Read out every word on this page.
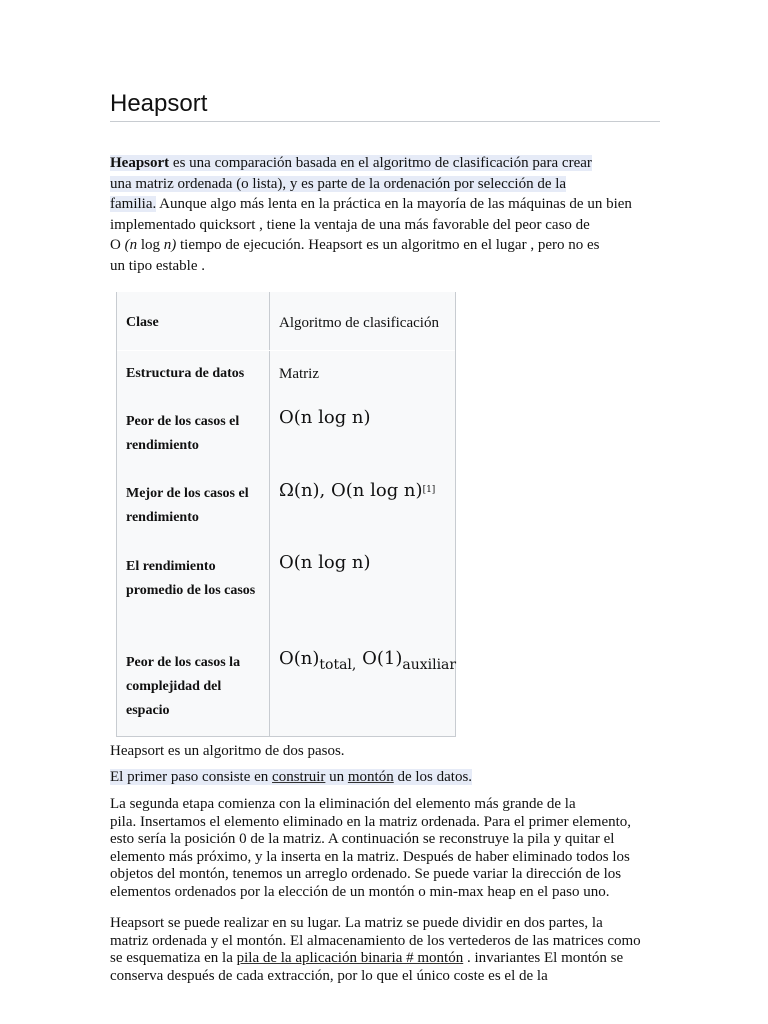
Heapsort

Heapsort es una comparación basada en el algoritmo de clasificación para crear
una matriz ordenada (o lista), y es parte de la ordenación por selección de la
familia. Aunque algo más lenta en la práctica en la mayoría de las máquinas de un bien
implementado quicksort , tiene la ventaja de una más favorable del peor caso de
O (n log n) tiempo de ejecución. Heapsort es un algoritmo en el lugar , pero no es
un tipo estable .

Clase	Algoritmo de clasificación
Estructura de datos	Matriz
Peor de los casos el rendimiento
O(n log n)
Mejor de los casos el rendimiento
Ω(n), O(n log n)[1]
El rendimiento promedio de los casos
O(n log n)
Peor de los casos la complejidad del espacio
$O(n)_{total,}$ $O(1)_{auxiliar}$

Heapsort es un algoritmo de dos pasos.

El primer paso consiste en construir un montón de los datos.

La segunda etapa comienza con la eliminación del elemento más grande de la
pila. Insertamos el elemento eliminado en la matriz ordenada. Para el primer elemento,
esto sería la posición 0 de la matriz. A continuación se reconstruye la pila y quitar el
elemento más próximo, y la inserta en la matriz. Después de haber eliminado todos los
objetos del montón, tenemos un arreglo ordenado. Se puede variar la dirección de los
elementos ordenados por la elección de un montón o min-max heap en el paso uno.

Heapsort se puede realizar en su lugar. La matriz se puede dividir en dos partes, la
matriz ordenada y el montón. El almacenamiento de los vertederos de las matrices como
se esquematiza en la pila de la aplicación binaria # montón . invariantes El montón se
conserva después de cada extracción, por lo que el único coste es el de la
